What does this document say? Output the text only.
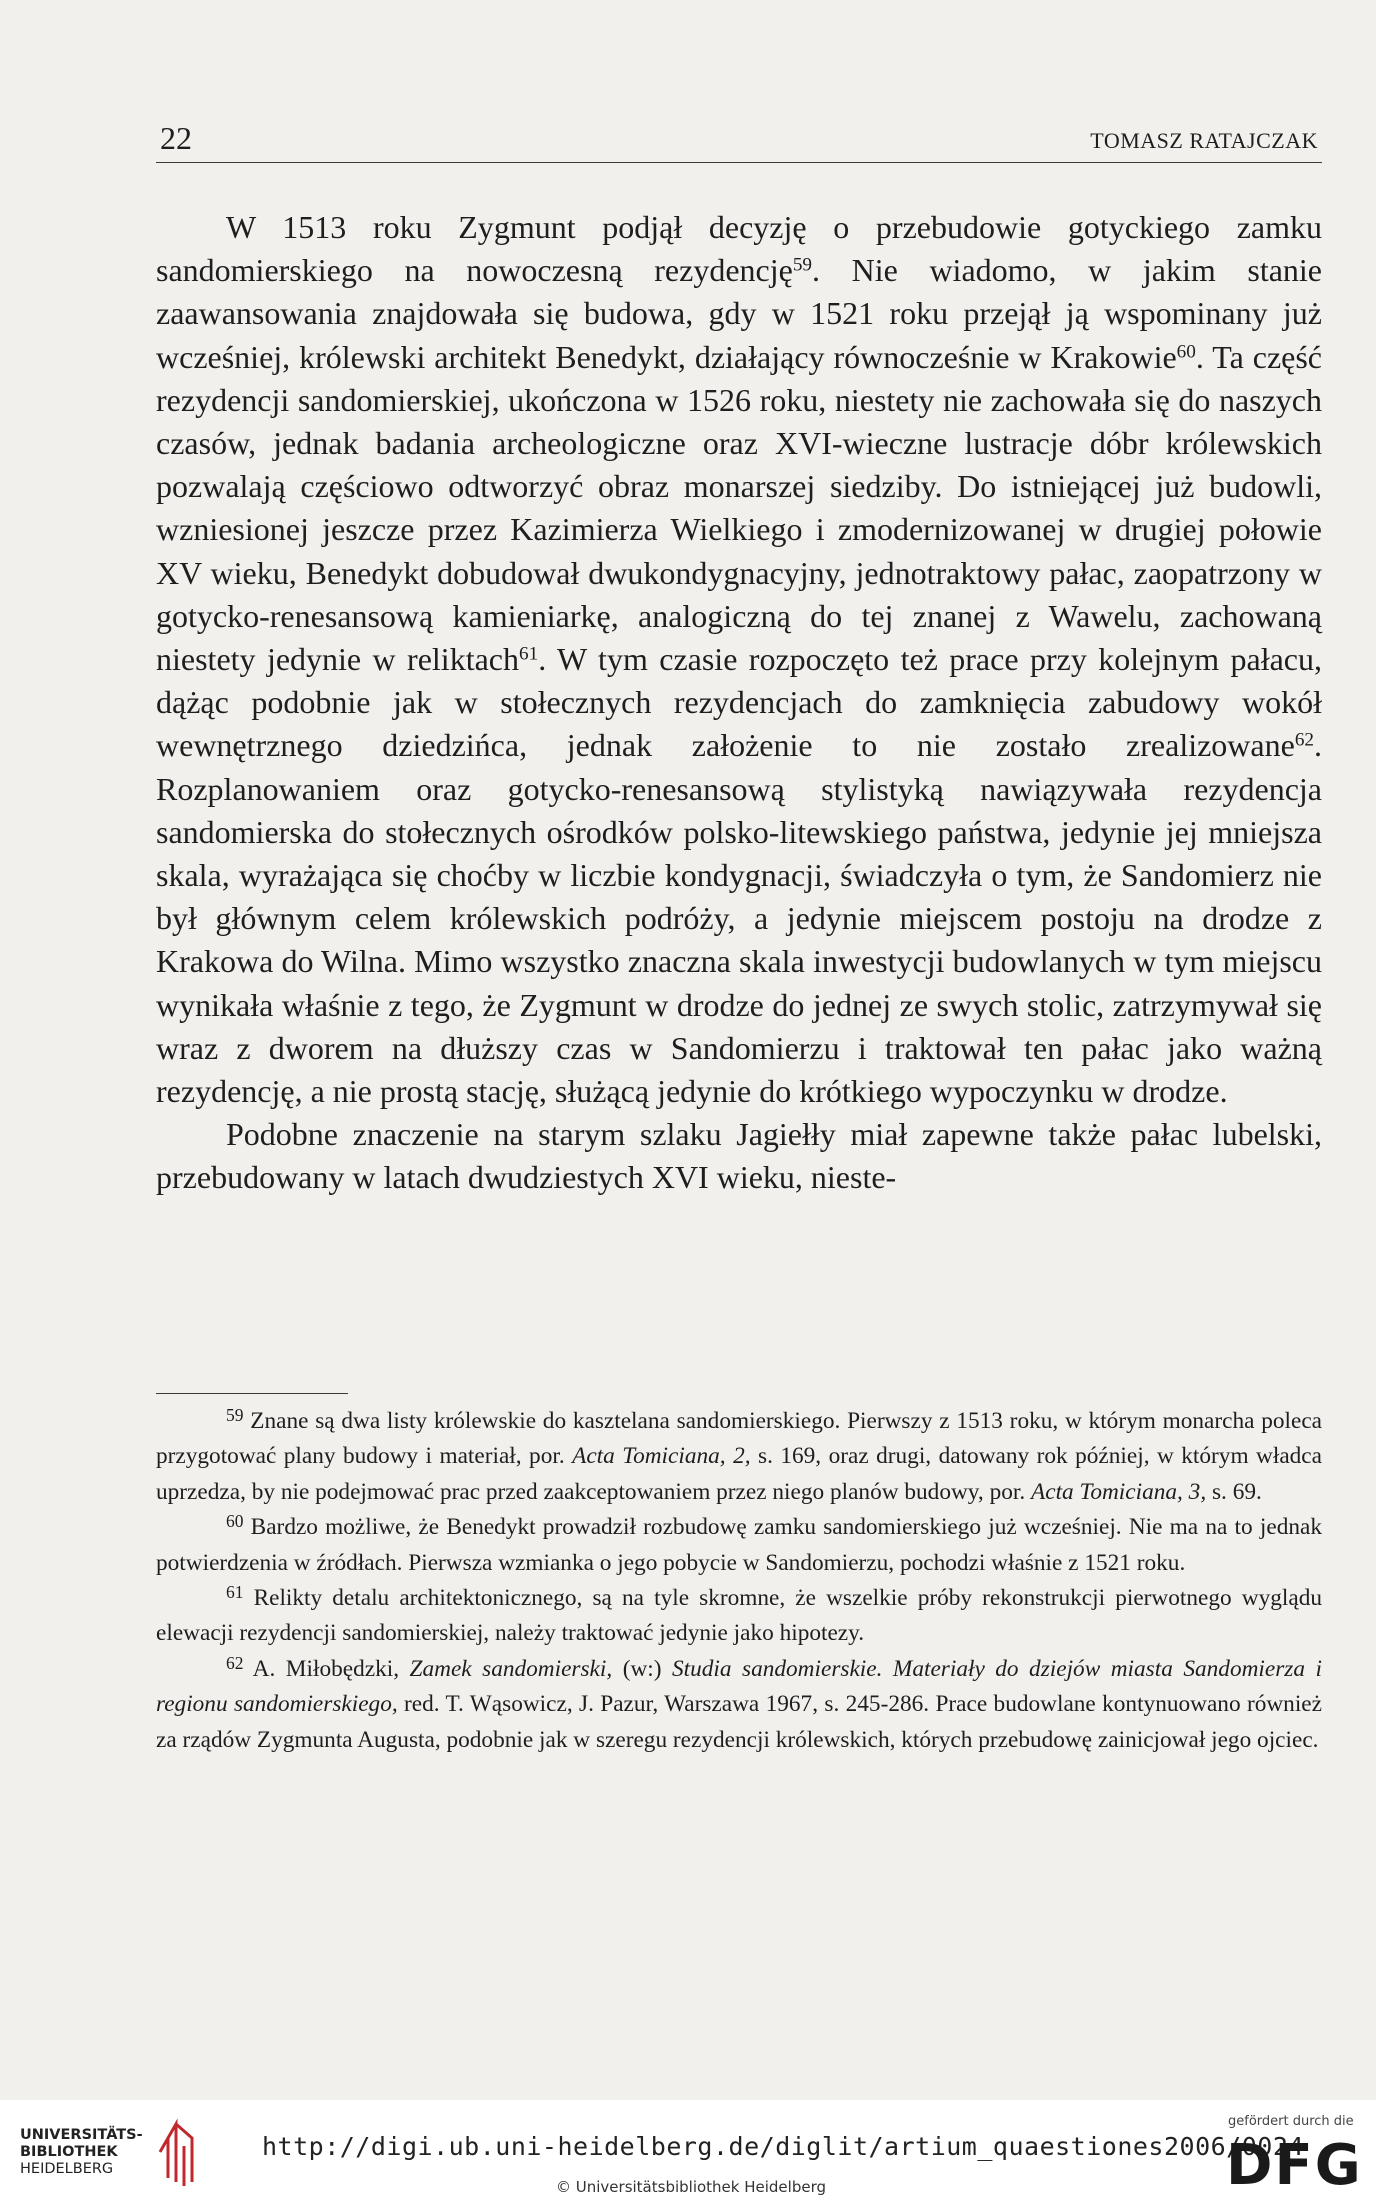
22	TOMASZ RATAJCZAK

W 1513 roku Zygmunt podjął decyzję o przebudowie gotyckiego zamku sandomierskiego na nowoczesną rezydencję$^{59}$. Nie wiadomo, w jakim stanie zaawansowania znajdowała się budowa, gdy w 1521 roku przejął ją wspominany już wcześniej, królewski architekt Benedykt, działający równocześnie w Krakowie$^{60}$. Ta część rezydencji sandomierskiej, ukończona w 1526 roku, niestety nie zachowała się do naszych czasów, jednak badania archeologiczne oraz XVI-wieczne lustracje dóbr królewskich pozwalają częściowo odtworzyć obraz monarszej siedziby. Do istniejącej już budowli, wzniesionej jeszcze przez Kazimierza Wielkiego i zmodernizowanej w drugiej połowie XV wieku, Benedykt dobudował dwukondygnacyjny, jednotraktowy pałac, zaopatrzony w gotycko-renesansową kamieniarkę, analogiczną do tej znanej z Wawelu, zachowaną niestety jedynie w reliktach$^{61}$. W tym czasie rozpoczęto też prace przy kolejnym pałacu, dążąc podobnie jak w stołecznych rezydencjach do zamknięcia zabudowy wokół wewnętrznego dziedzińca, jednak założenie to nie zostało zrealizowane$^{62}$. Rozplanowaniem oraz gotycko-renesansową stylistyką nawiązywała rezydencja sandomierska do stołecznych ośrodków polsko-litewskiego państwa, jedynie jej mniejsza skala, wyrażająca się choćby w liczbie kondygnacji, świadczyła o tym, że Sandomierz nie był głównym celem królewskich podróży, a jedynie miejscem postoju na drodze z Krakowa do Wilna. Mimo wszystko znaczna skala inwestycji budowlanych w tym miejscu wynikała właśnie z tego, że Zygmunt w drodze do jednej ze swych stolic, zatrzymywał się wraz z dworem na dłuższy czas w Sandomierzu i traktował ten pałac jako ważną rezydencję, a nie prostą stację, służącą jedynie do krótkiego wypoczynku w drodze.

Podobne znaczenie na starym szlaku Jagiełły miał zapewne także pałac lubelski, przebudowany w latach dwudziestych XVI wieku, nieste-

$^{59}$ Znane są dwa listy królewskie do kasztelana sandomierskiego. Pierwszy z 1513 roku, w którym monarcha poleca przygotować plany budowy i materiał, por. Acta Tomiciana, 2, s. 169, oraz drugi, datowany rok później, w którym władca uprzedza, by nie podejmować prac przed zaakceptowaniem przez niego planów budowy, por. Acta Tomiciana, 3, s. 69.

$^{60}$ Bardzo możliwe, że Benedykt prowadził rozbudowę zamku sandomierskiego już wcześniej. Nie ma na to jednak potwierdzenia w źródłach. Pierwsza wzmianka o jego pobycie w Sandomierzu, pochodzi właśnie z 1521 roku.

$^{61}$ Relikty detalu architektonicznego, są na tyle skromne, że wszelkie próby rekonstrukcji pierwotnego wyglądu elewacji rezydencji sandomierskiej, należy traktować jedynie jako hipotezy.

$^{62}$ A. Miłobędzki, Zamek sandomierski, (w:) Studia sandomierskie. Materiały do dziejów miasta Sandomierza i regionu sandomierskiego, red. T. Wąsowicz, J. Pazur, Warszawa 1967, s. 245-286. Prace budowlane kontynuowano również za rządów Zygmunta Augusta, podobnie jak w szeregu rezydencji królewskich, których przebudowę zainicjował jego ojciec.

UNIVERSITÄTS-
BIBLIOTHEK
HEIDELBERG
http://digi.ub.uni-heidelberg.de/diglit/artium_quaestiones2006/0024
© Universitätsbibliothek Heidelberg
gefördert durch die
DFG
